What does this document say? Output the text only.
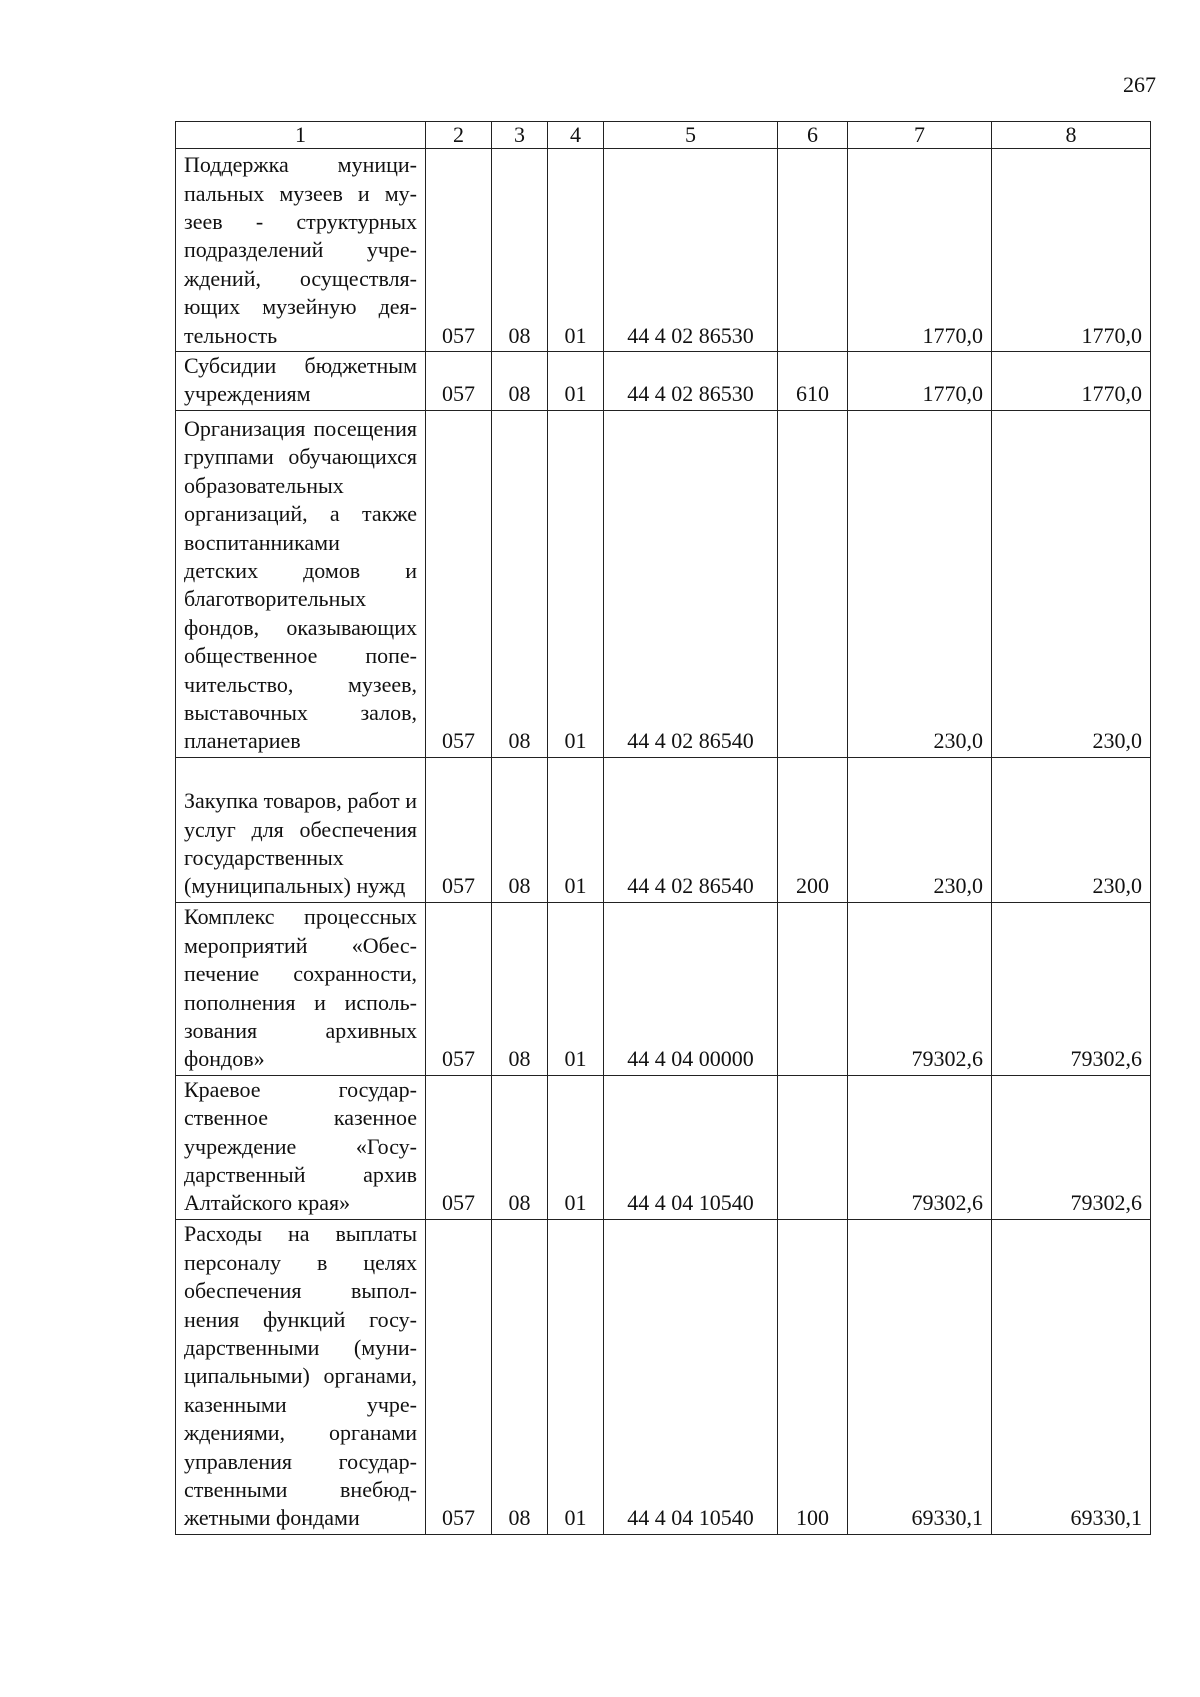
267
1	2	3	4	5	6	7	8
Поддержка муниципальных музеев и музеев - структурных подразделений учреждений, осуществляющих музейную деятельность	057	08	01	44 4 02 86530		1770,0	1770,0
Субсидии бюджетным учреждениям	057	08	01	44 4 02 86530	610	1770,0	1770,0
Организация посещения группами обучающихся образовательных организаций, а также воспитанниками детских домов и благотворительных фондов, оказывающих общественное попечительство, музеев, выставочных залов, планетариев	057	08	01	44 4 02 86540		230,0	230,0
Закупка товаров, работ и услуг для обеспечения государственных (муниципальных) нужд	057	08	01	44 4 02 86540	200	230,0	230,0
Комплекс процессных мероприятий «Обеспечение сохранности, пополнения и использования архивных фондов»	057	08	01	44 4 04 00000		79302,6	79302,6
Краевое государственное казенное учреждение «Государственный архив Алтайского края»	057	08	01	44 4 04 10540		79302,6	79302,6
Расходы на выплаты персоналу в целях обеспечения выполнения функций государственными (муниципальными) органами, казенными учреждениями, органами управления государственными внебюджетными фондами	057	08	01	44 4 04 10540	100	69330,1	69330,1
